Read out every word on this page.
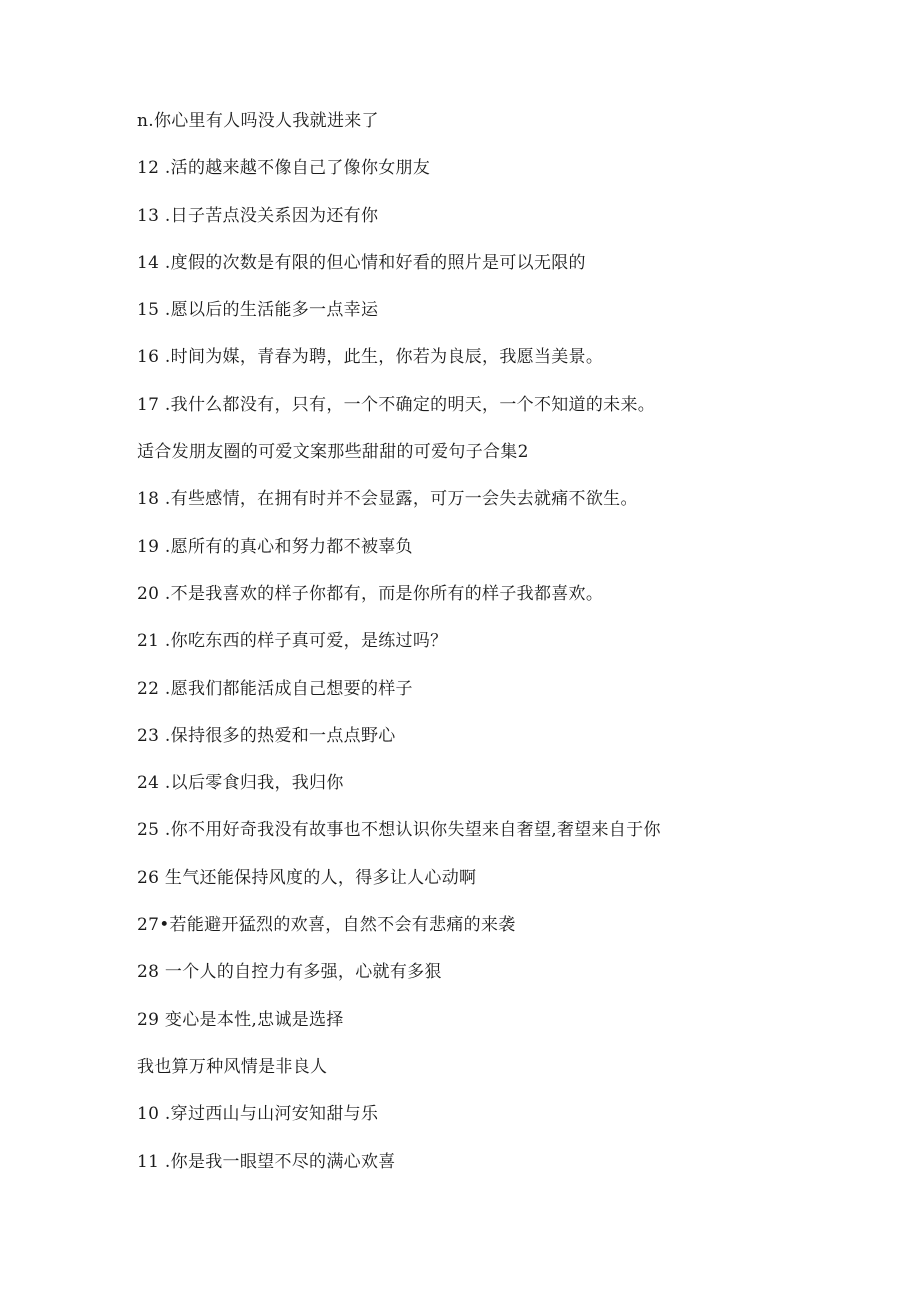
n.你心里有人吗没人我就进来了
12 .活的越来越不像自己了像你女朋友
13 .日子苦点没关系因为还有你
14 .度假的次数是有限的但心情和好看的照片是可以无限的
15 .愿以后的生活能多一点幸运
16 .时间为媒，青春为聘，此生，你若为良辰，我愿当美景。
17 .我什么都没有，只有，一个不确定的明天，一个不知道的未来。
适合发朋友圈的可爱文案那些甜甜的可爱句子合集2
18 .有些感情，在拥有时并不会显露，可万一会失去就痛不欲生。
19 .愿所有的真心和努力都不被辜负
20 .不是我喜欢的样子你都有，而是你所有的样子我都喜欢。
21 .你吃东西的样子真可爱，是练过吗？
22 .愿我们都能活成自己想要的样子
23 .保持很多的热爱和一点点野心
24 .以后零食归我，我归你
25 .你不用好奇我没有故事也不想认识你失望来自奢望,奢望来自于你
26 生气还能保持风度的人，得多让人心动啊
27•若能避开猛烈的欢喜，自然不会有悲痛的来袭
28 一个人的自控力有多强，心就有多狠
29 变心是本性,忠诚是选择
我也算万种风情是非良人
10 .穿过西山与山河安知甜与乐
11 .你是我一眼望不尽的满心欢喜
